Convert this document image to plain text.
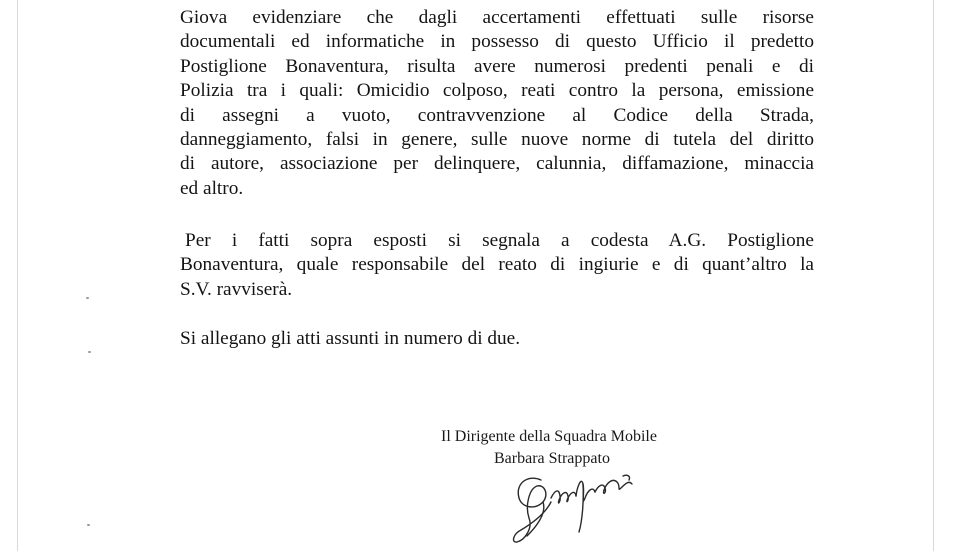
Giova evidenziare che dagli accertamenti effettuati sulle risorse
documentali ed informatiche in possesso di questo Ufficio il predetto
Postiglione Bonaventura, risulta avere numerosi predenti penali e di
Polizia tra i quali: Omicidio colposo, reati contro la persona, emissione
di assegni a vuoto, contravvenzione al Codice della Strada,
danneggiamento, falsi in genere, sulle nuove norme di tutela del diritto
di autore, associazione per delinquere, calunnia, diffamazione, minaccia
ed altro.

Per i fatti sopra esposti si segnala a codesta A.G. Postiglione
Bonaventura, quale responsabile del reato di ingiurie e di quant’altro la
S.V. ravviserà.

Si allegano gli atti assunti in numero di due.

Il Dirigente della Squadra Mobile
Barbara Strappato
